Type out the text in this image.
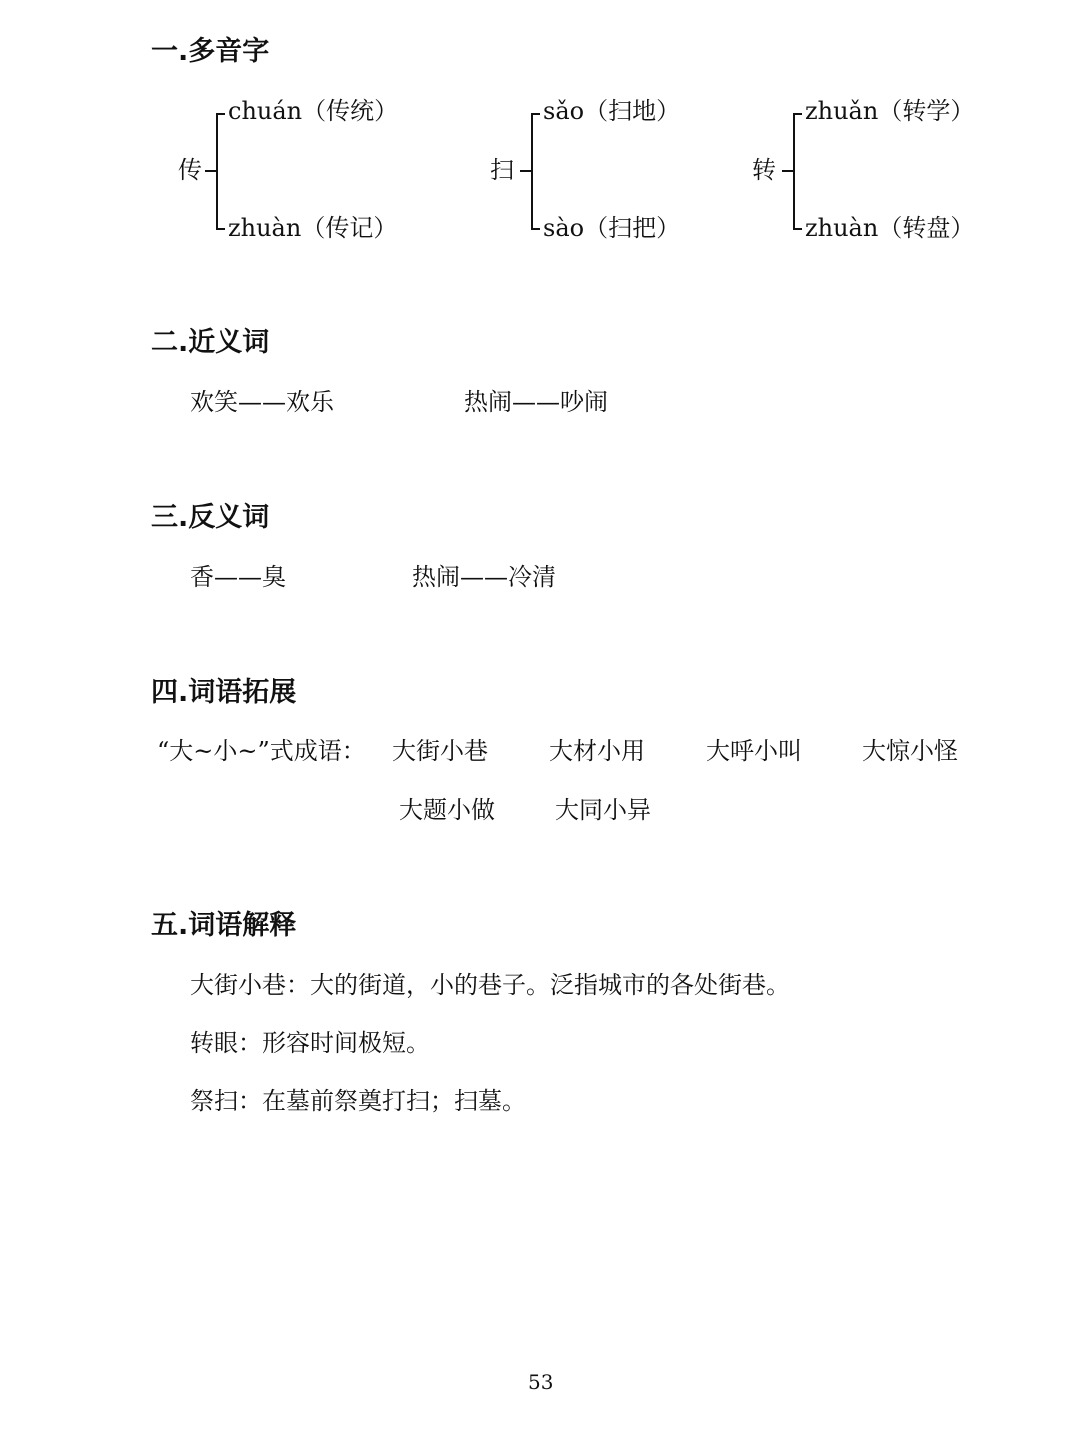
一.多音字
传
chuán（传统）
zhuàn（传记）
扫
sǎo（扫地）
sào（扫把）
转
zhuǎn（转学）
zhuàn（转盘）
二.近义词
欢笑——欢乐	热闹——吵闹
三.反义词
香——臭	热闹——冷清
四.词语拓展
“大~小~”式成语： 大街小巷	大材小用	大呼小叫	大惊小怪
大题小做	大同小异
五.词语解释
大街小巷：大的街道，小的巷子。泛指城市的各处街巷。
转眼：形容时间极短。
祭扫：在墓前祭奠打扫；扫墓。
53
